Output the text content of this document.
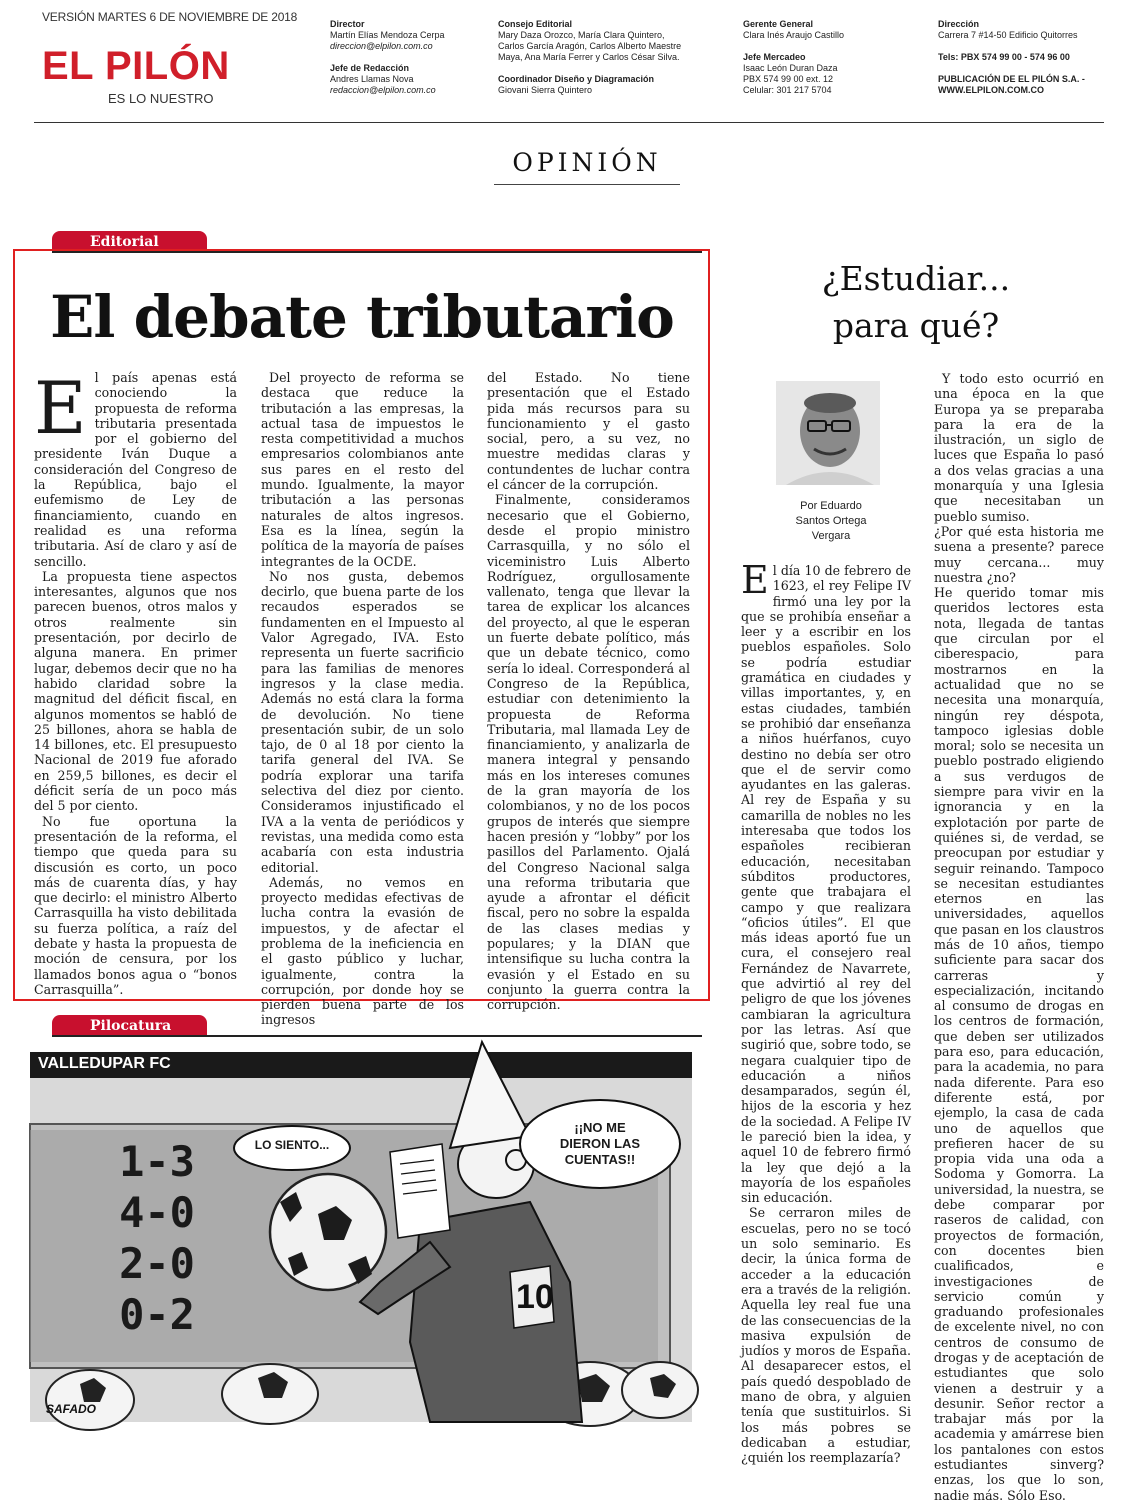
VERSIÓN MARTES 6 DE NOVIEMBRE DE 2018
EL PILÓN
ES LO NUESTRO
Director
Martín Elías Mendoza Cerpa
direccion@elpilon.com.co
Jefe de Redacción
Andres Llamas Nova
redaccion@elpilon.com.co
Consejo Editorial
Mary Daza Orozco, María Clara Quintero,
Carlos García Aragón, Carlos Alberto Maestre
Maya, Ana María Ferrer y Carlos César Silva.
Coordinador Diseño y Diagramación
Giovani Sierra Quintero
Gerente General
Clara Inés Araujo Castillo
Jefe Mercadeo
Isaac León Duran Daza
PBX 574 99 00 ext. 12
Celular: 301 217 5704
Dirección
Carrera 7 #14-50 Edificio Quitorres
Tels: PBX 574 99 00 - 574 96 00
PUBLICACIÓN DE EL PILÓN S.A. -
WWW.ELPILON.COM.CO
OPINIÓN
Editorial
El debate tributario

El país apenas está conociendo la propuesta de reforma tributaria presentada por el gobierno del presidente Iván Duque a consideración del Congreso de la República, bajo el eufemismo de Ley de financiamiento, cuando en realidad es una reforma tributaria. Así de claro y así de sencillo.

La propuesta tiene aspectos interesantes, algunos que nos parecen buenos, otros malos y otros realmente sin presentación, por decirlo de alguna manera. En primer lugar, debemos decir que no ha habido claridad sobre la magnitud del déficit fiscal, en algunos momentos se habló de 25 billones, ahora se habla de 14 billones, etc. El presupuesto Nacional de 2019 fue aforado en 259,5 billones, es decir el déficit sería de un poco más del 5 por ciento.

No fue oportuna la presentación de la reforma, el tiempo que queda para su discusión es corto, un poco más de cuarenta días, y hay que decirlo: el ministro Alberto Carrasquilla ha visto debilitada su fuerza política, a raíz del debate y hasta la propuesta de moción de censura, por los llamados bonos agua o “bonos Carrasquilla”.

Del proyecto de reforma se destaca que reduce la tributación a las empresas, la actual tasa de impuestos le resta competitividad a muchos empresarios colombianos ante sus pares en el resto del mundo. Igualmente, la mayor tributación a las personas naturales de altos ingresos. Esa es la línea, según la política de la mayoría de países integrantes de la OCDE.

No nos gusta, debemos decirlo, que buena parte de los recaudos esperados se fundamenten en el Impuesto al Valor Agregado, IVA. Esto representa un fuerte sacrificio para las familias de menores ingresos y la clase media. Además no está clara la forma de devolución. No tiene presentación subir, de un solo tajo, de 0 al 18 por ciento la tarifa general del IVA. Se podría explorar una tarifa selectiva del diez por ciento. Consideramos injustificado el IVA a la venta de periódicos y revistas, una medida como esta acabaría con esta industria editorial.

Además, no vemos en proyecto medidas efectivas de lucha contra la evasión de impuestos, y de afectar el problema de la ineficiencia en el gasto público y luchar, igualmente, contra la corrupción, por donde hoy se pierden buena parte de los ingresos

del Estado. No tiene presentación que el Estado pida más recursos para su funcionamiento y el gasto social, pero, a su vez, no muestre medidas claras y contundentes de luchar contra el cáncer de la corrupción.

Finalmente, consideramos necesario que el Gobierno, desde el propio ministro Carrasquilla, y no sólo el viceministro Luis Alberto Rodríguez, orgullosamente vallenato, tenga que llevar la tarea de explicar los alcances del proyecto, al que le esperan un fuerte debate político, más que un debate técnico, como sería lo ideal. Corresponderá al Congreso de la República, estudiar con detenimiento la propuesta de Reforma Tributaria, mal llamada Ley de financiamiento, y analizarla de manera integral y pensando más en los intereses comunes de la gran mayoría de los colombianos, y no de los pocos grupos de interés que siempre hacen presión y “lobby” por los pasillos del Parlamento. Ojalá del Congreso Nacional salga una reforma tributaria que ayude a afrontar el déficit fiscal, pero no sobre la espalda de las clases medias y populares; y la DIAN que intensifique su lucha contra la evasión y el Estado en su conjunto la guerra contra la corrupción.

Pilocatura
VALLEDUPAR FC
1-3
4-0
2-0
0-2
LO SIENTO...
¡¡NO ME DIERON LAS CUENTAS!!
10
SAFADO
¿Estudiar...
para qué?
Por Eduardo
Santos Ortega
Vergara

El día 10 de febrero de 1623, el rey Felipe IV firmó una ley por la que se prohibía enseñar a leer y a escribir en los pueblos españoles. Solo se podría estudiar gramática en ciudades y villas importantes, y, en estas ciudades, también se prohibió dar enseñanza a niños huérfanos, cuyo destino no debía ser otro que el de servir como ayudantes en las galeras. Al rey de España y su camarilla de nobles no les interesaba que todos los españoles recibieran educación, necesitaban súbditos productores, gente que trabajara el campo y que realizara “oficios útiles”. El que más ideas aportó fue un cura, el consejero real Fernández de Navarrete, que advirtió al rey del peligro de que los jóvenes cambiaran la agricultura por las letras. Así que sugirió que, sobre todo, se negara cualquier tipo de educación a niños desamparados, según él, hijos de la escoria y hez de la sociedad. A Felipe IV le pareció bien la idea, y aquel 10 de febrero firmó la ley que dejó a la mayoría de los españoles sin educación.

Se cerraron miles de escuelas, pero no se tocó un solo seminario. Es decir, la única forma de acceder a la educación era a través de la religión. Aquella ley real fue una de las consecuencias de la masiva expulsión de judíos y moros de España. Al desaparecer estos, el país quedó despoblado de mano de obra, y alguien tenía que sustituirlos. Si los más pobres se dedicaban a estudiar, ¿quién los reemplazaría?

Y todo esto ocurrió en una época en la que Europa ya se preparaba para la era de la ilustración, un siglo de luces que España lo pasó a dos velas gracias a una monarquía y una Iglesia que necesitaban un pueblo sumiso.

¿Por qué esta historia me suena a presente? parece muy cercana... muy nuestra ¿no?

He querido tomar mis queridos lectores esta nota, llegada de tantas que circulan por el ciberespacio, para mostrarnos en la actualidad que no se necesita una monarquía, ningún rey déspota, tampoco iglesias doble moral; solo se necesita un pueblo postrado eligiendo a sus verdugos de siempre para vivir en la ignorancia y en la explotación por parte de quiénes si, de verdad, se preocupan por estudiar y seguir reinando. Tampoco se necesitan estudiantes eternos en las universidades, aquellos que pasan en los claustros más de 10 años, tiempo suficiente para sacar dos carreras y especialización, incitando al consumo de drogas en los centros de formación, que deben ser utilizados para eso, para educación, para la academia, no para nada diferente. Para eso diferente está, por ejemplo, la casa de cada uno de aquellos que prefieren hacer de su propia vida una oda a Sodoma y Gomorra. La universidad, la nuestra, se debe comparar por raseros de calidad, con proyectos de formación, con docentes bien cualificados, e investigaciones de servicio común y graduando profesionales de excelente nivel, no con centros de consumo de drogas y de aceptación de estudiantes que solo vienen a destruir y a desunir. Señor rector a trabajar más por la academia y amárrese bien los pantalones con estos estudiantes sinverg?enzas, los que lo son, nadie más. Sólo Eso.
